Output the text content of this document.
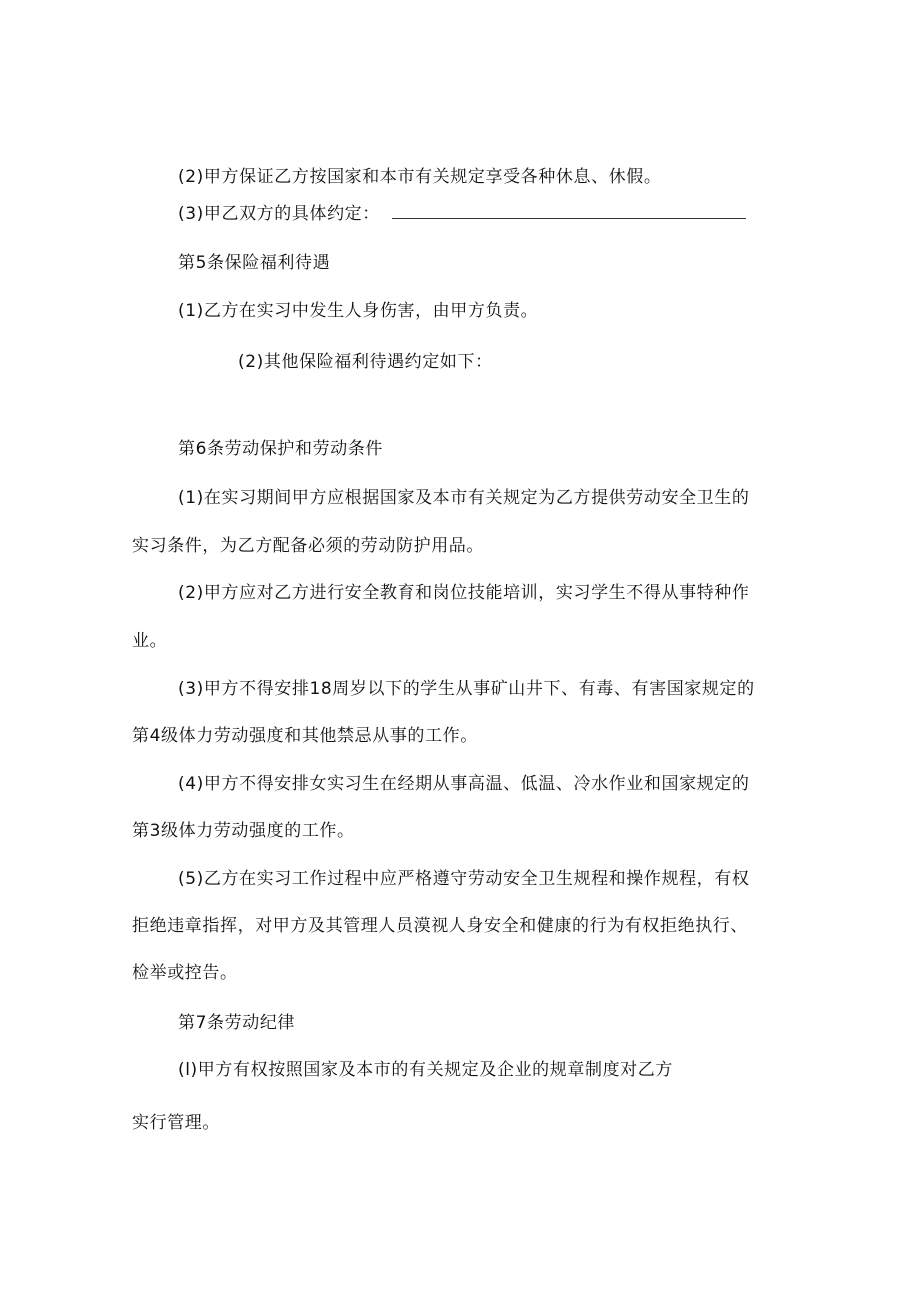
(2)甲方保证乙方按国家和本市有关规定享受各种休息、休假。
(3)甲乙双方的具体约定：
第5条保险福利待遇
(1)乙方在实习中发生人身伤害，由甲方负责。
(2)其他保险福利待遇约定如下：
第6条劳动保护和劳动条件
(1)在实习期间甲方应根据国家及本市有关规定为乙方提供劳动安全卫生的
实习条件，为乙方配备必须的劳动防护用品。
(2)甲方应对乙方进行安全教育和岗位技能培训，实习学生不得从事特种作
业。
(3)甲方不得安排18周岁以下的学生从事矿山井下、有毒、有害国家规定的
第4级体力劳动强度和其他禁忌从事的工作。
(4)甲方不得安排女实习生在经期从事高温、低温、冷水作业和国家规定的
第3级体力劳动强度的工作。
(5)乙方在实习工作过程中应严格遵守劳动安全卫生规程和操作规程，有权
拒绝违章指挥，对甲方及其管理人员漠视人身安全和健康的行为有权拒绝执行、
检举或控告。
第7条劳动纪律
(l)甲方有权按照国家及本市的有关规定及企业的规章制度对乙方
实行管理。
